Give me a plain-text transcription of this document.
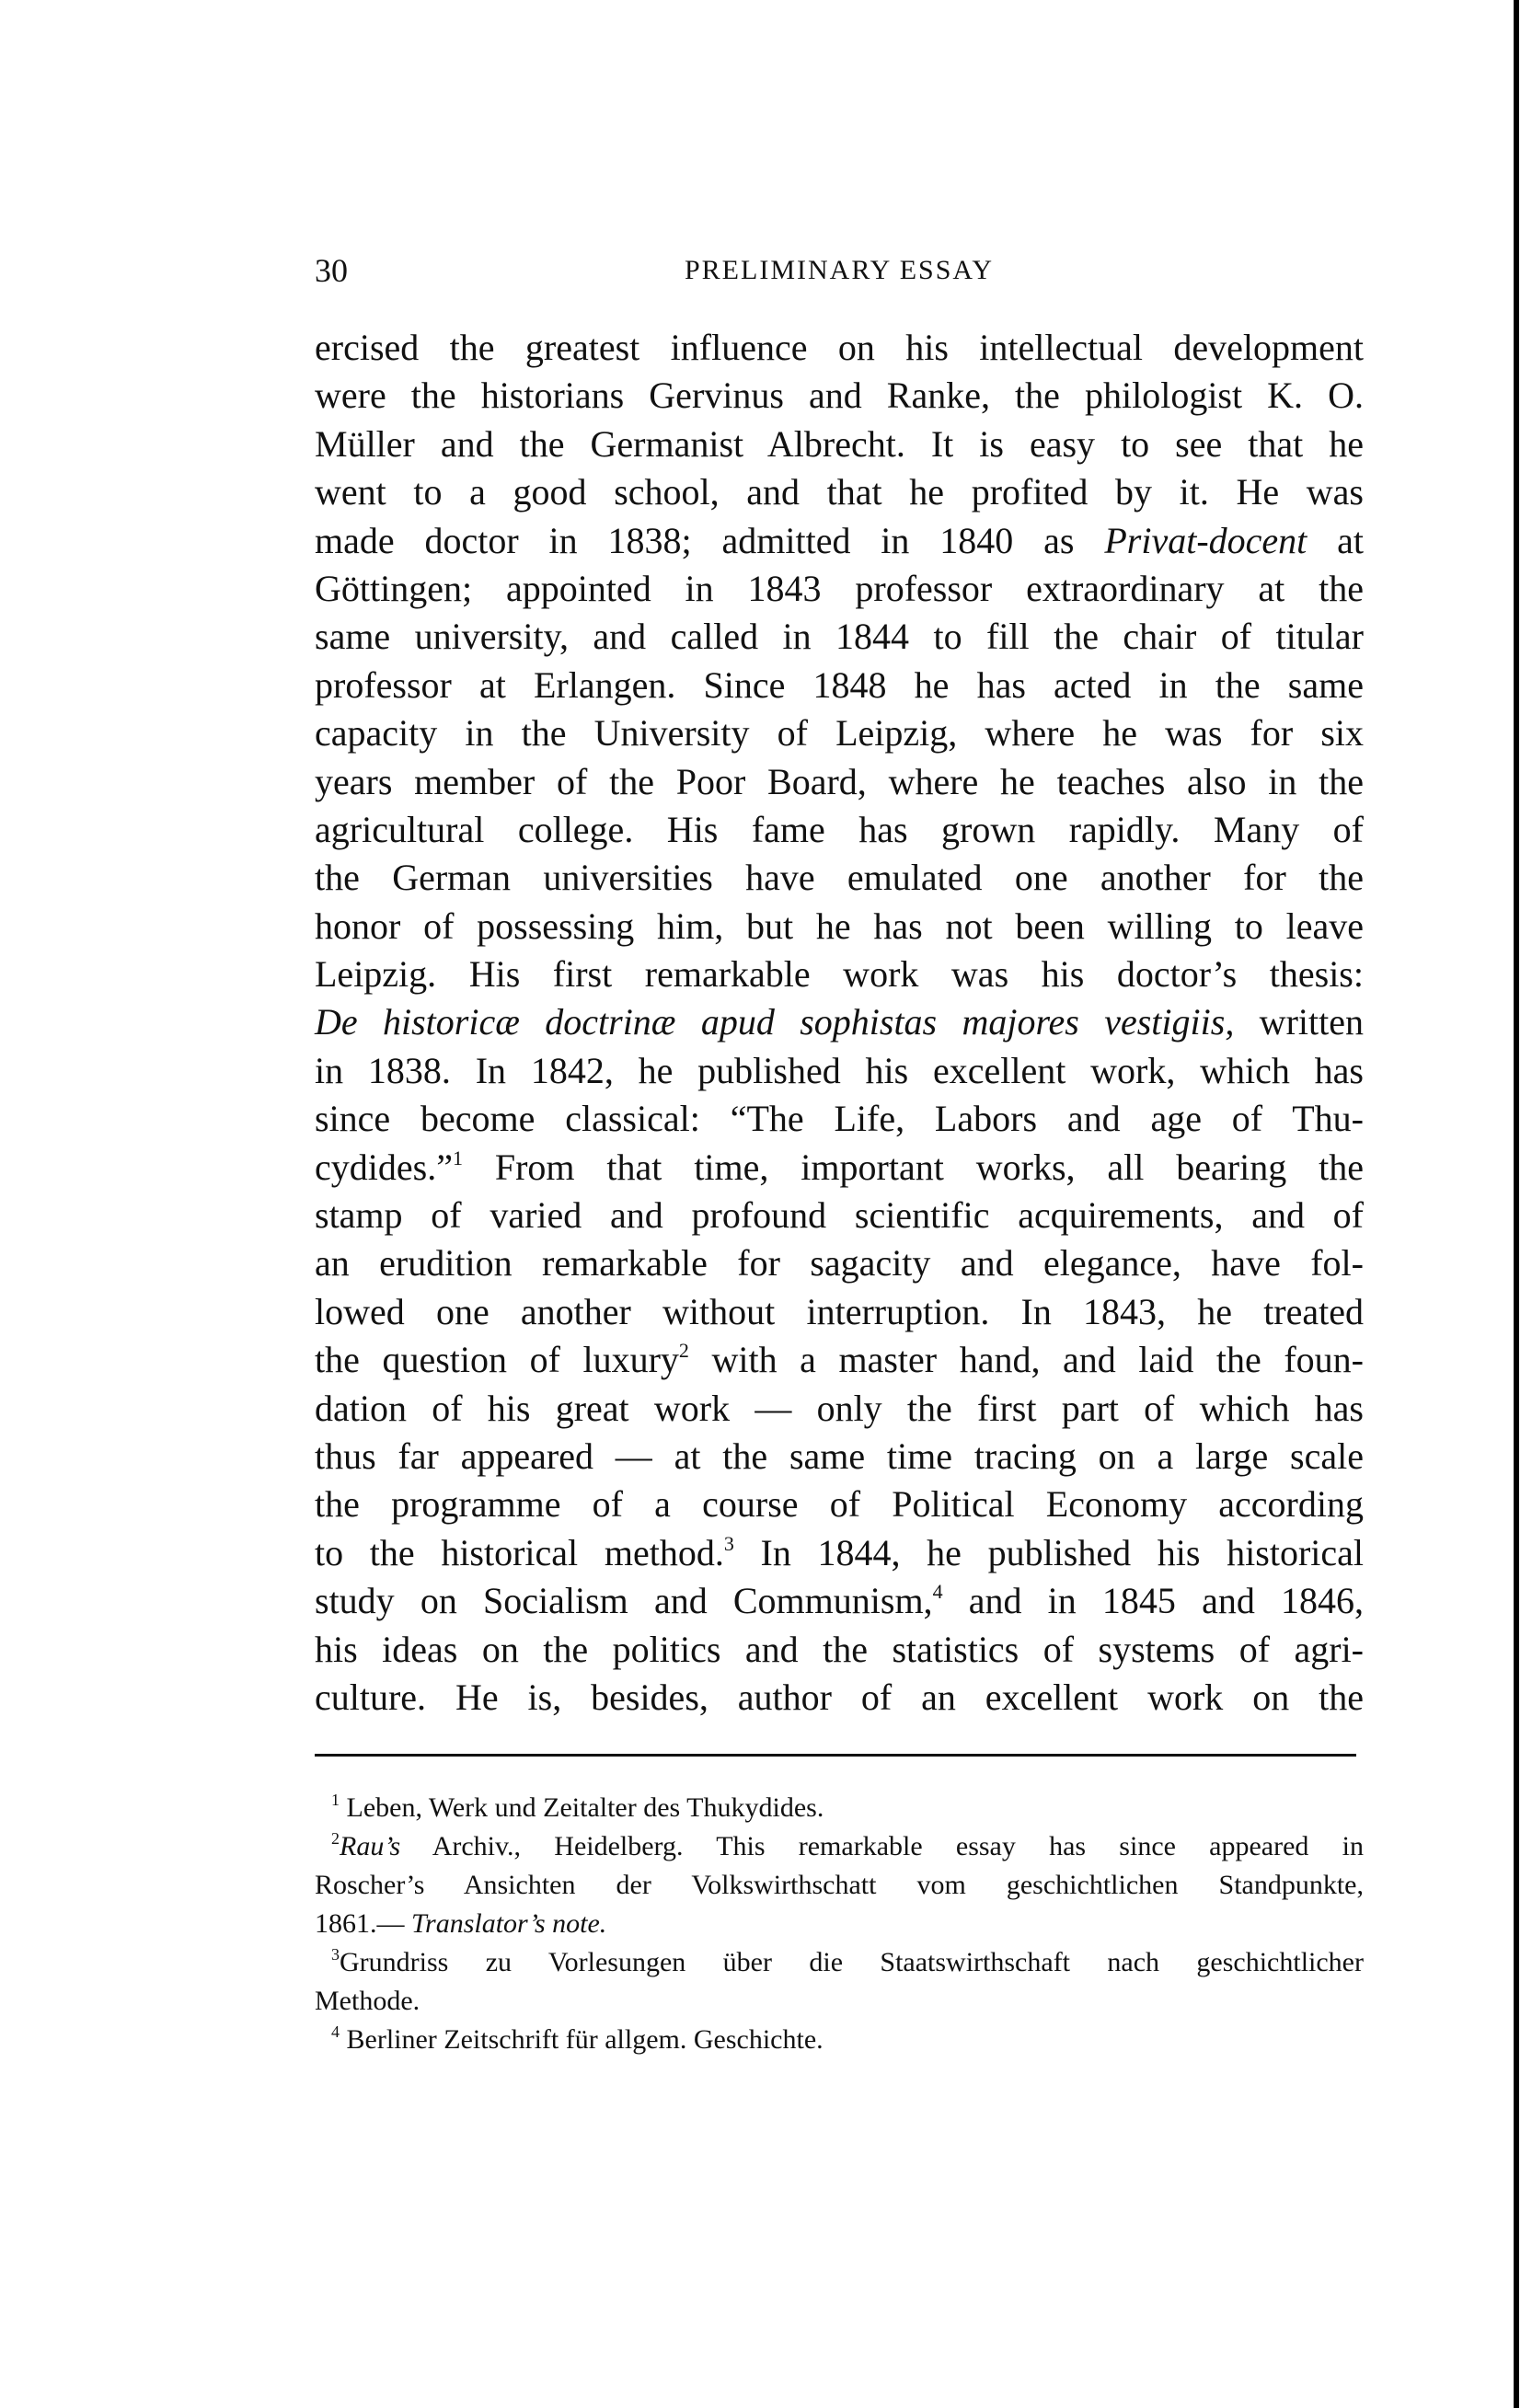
30	PRELIMINARY ESSAY
ercised the greatest influence on his intellectual development
were the historians Gervinus and Ranke, the philologist K. O.
Müller and the Germanist Albrecht. It is easy to see that he
went to a good school, and that he profited by it. He was
made doctor in 1838; admitted in 1840 as Privat-docent at
Göttingen; appointed in 1843 professor extraordinary at the
same university, and called in 1844 to fill the chair of titular
professor at Erlangen. Since 1848 he has acted in the same
capacity in the University of Leipzig, where he was for six
years member of the Poor Board, where he teaches also in the
agricultural college. His fame has grown rapidly. Many of
the German universities have emulated one another for the
honor of possessing him, but he has not been willing to leave
Leipzig. His first remarkable work was his doctor’s thesis:
De historicæ doctrinæ apud sophistas majores vestigiis, written
in 1838. In 1842, he published his excellent work, which has
since become classical: “The Life, Labors and age of Thu-
cydides.”$^1$ From that time, important works, all bearing the
stamp of varied and profound scientific acquirements, and of
an erudition remarkable for sagacity and elegance, have fol-
lowed one another without interruption. In 1843, he treated
the question of luxury$^2$ with a master hand, and laid the foun-
dation of his great work — only the first part of which has
thus far appeared — at the same time tracing on a large scale
the programme of a course of Political Economy according
to the historical method.$^3$ In 1844, he published his historical
study on Socialism and Communism,$^4$ and in 1845 and 1846,
his ideas on the politics and the statistics of systems of agri-
culture. He is, besides, author of an excellent work on the
$^1$ Leben, Werk und Zeitalter des Thukydides.
$^2$Rau’s Archiv., Heidelberg. This remarkable essay has since appeared in
Roscher’s Ansichten der Volkswirthschatt vom geschichtlichen Standpunkte,
1861.— Translator’s note.
$^3$Grundriss zu Vorlesungen über die Staatswirthschaft nach geschichtlicher
Methode.
$^4$ Berliner Zeitschrift für allgem. Geschichte.
